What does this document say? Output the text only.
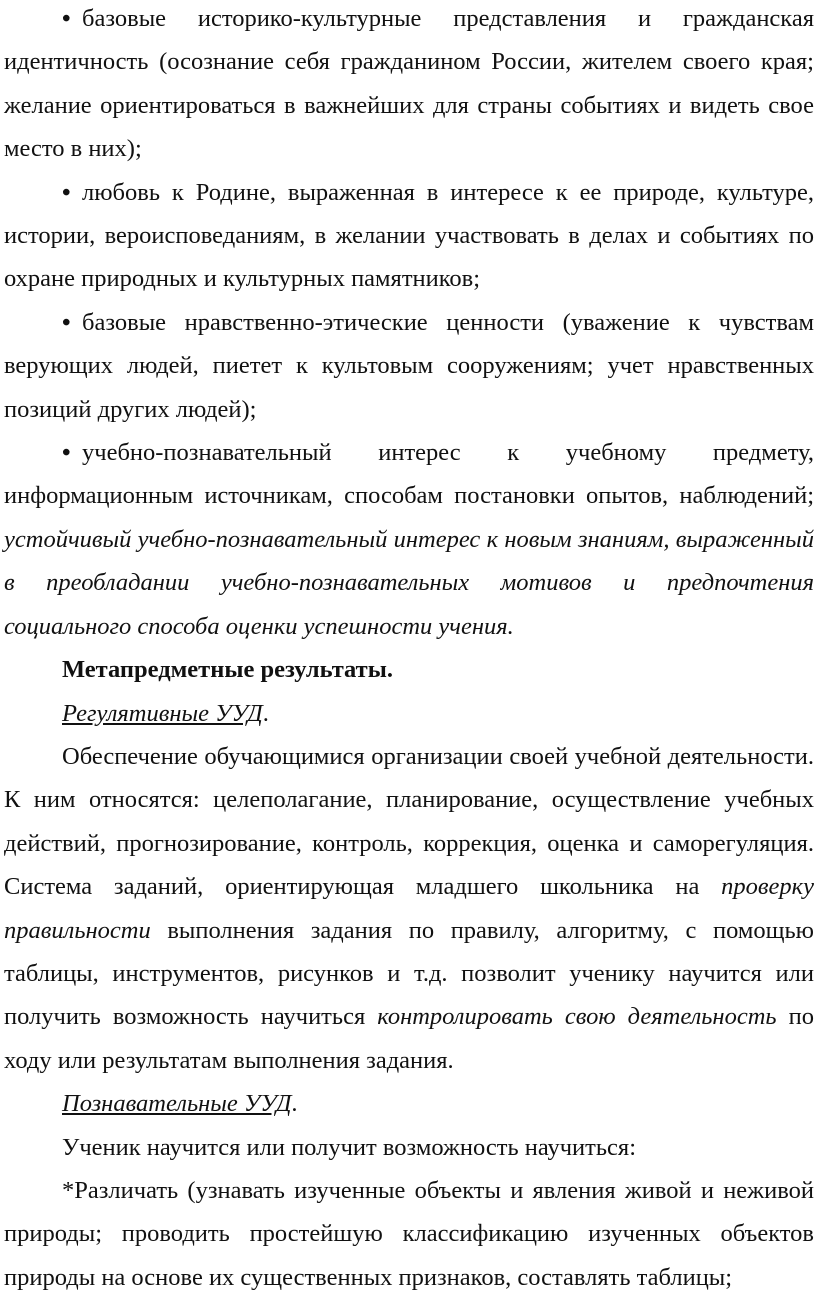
• базовые историко-культурные представления и гражданская идентичность (осознание себя гражданином России, жителем своего края; желание ориентироваться в важнейших для страны событиях и видеть свое место в них);

• любовь к Родине, выраженная в интересе к ее природе, культуре, истории, вероисповеданиям, в желании участвовать в делах и событиях по охране природных и культурных памятников;

• базовые нравственно-этические ценности (уважение к чувствам верующих людей, пиетет к культовым сооружениям; учет нравственных позиций других людей);

• учебно-познавательный интерес к учебному предмету, информационным источникам, способам постановки опытов, наблюдений; устойчивый учебно-познавательный интерес к новым знаниям, выраженный в преобладании учебно-познавательных мотивов и предпочтения социального способа оценки успешности учения.

Метапредметные результаты.

Регулятивные УУД.

Обеспечение обучающимися организации своей учебной деятельности. К ним относятся: целеполагание, планирование, осуществление учебных действий, прогнозирование, контроль, коррекция, оценка и саморегуляция. Система заданий, ориентирующая младшего школьника на проверку правильности выполнения задания по правилу, алгоритму, с помощью таблицы, инструментов, рисунков и т.д. позволит ученику научится или получить возможность научиться контролировать свою деятельность по ходу или результатам выполнения задания.

Познавательные УУД.

Ученик научится или получит возможность научиться:

*Различать (узнавать изученные объекты и явления живой и неживой природы; проводить простейшую классификацию изученных объектов природы на основе их существенных признаков, составлять таблицы;
